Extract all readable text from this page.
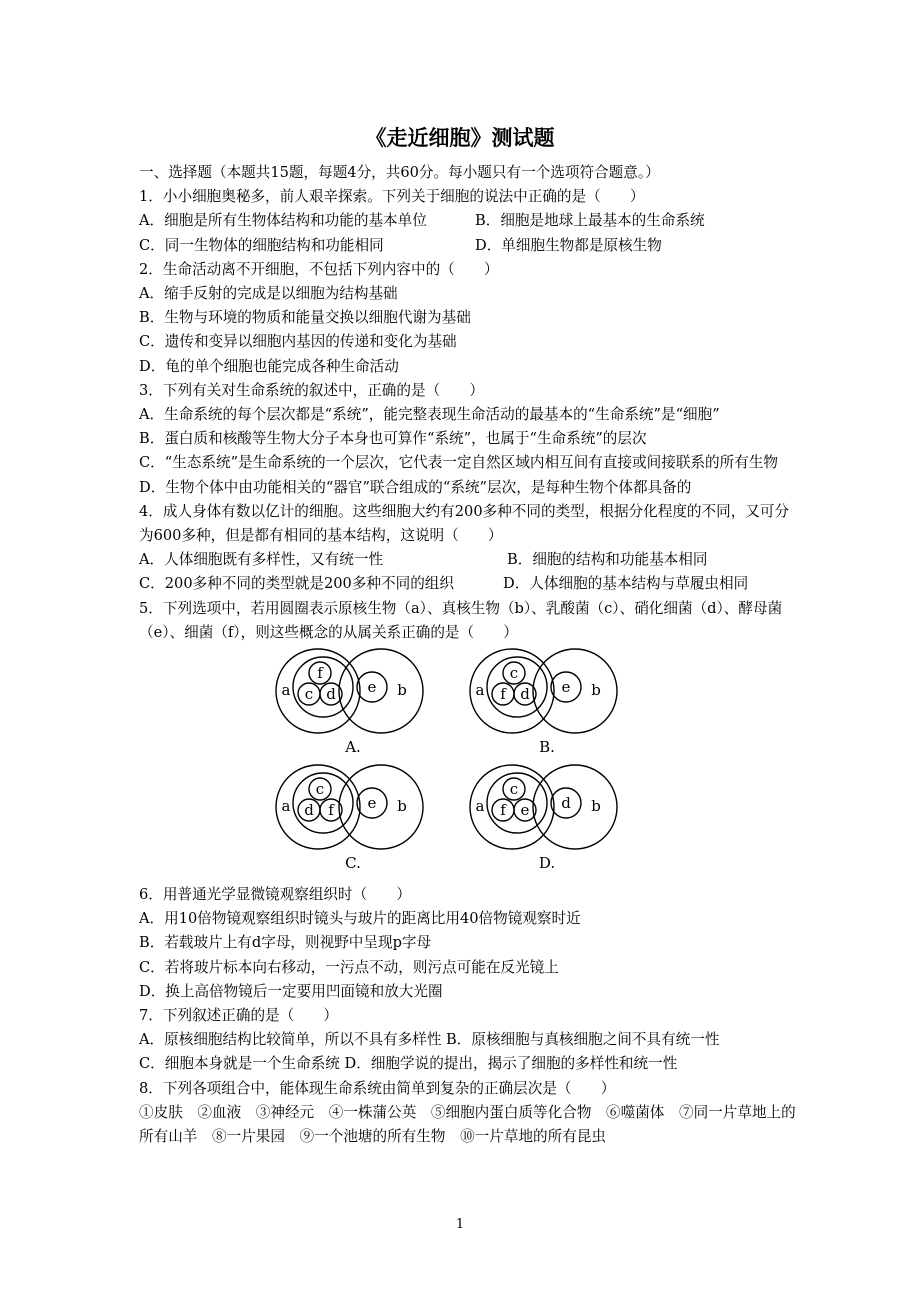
《走近细胞》测试题
一、选择题（本题共15题，每题4分，共60分。每小题只有一个选项符合题意。）
1．小小细胞奥秘多，前人艰辛探索。下列关于细胞的说法中正确的是（　　）
A．细胞是所有生物体结构和功能的基本单位	B．细胞是地球上最基本的生命系统
C．同一生物体的细胞结构和功能相同	D．单细胞生物都是原核生物
2．生命活动离不开细胞，不包括下列内容中的（　　）
A．缩手反射的完成是以细胞为结构基础
B．生物与环境的物质和能量交换以细胞代谢为基础
C．遗传和变异以细胞内基因的传递和变化为基础
D．龟的单个细胞也能完成各种生命活动
3．下列有关对生命系统的叙述中，正确的是（　　）
A．生命系统的每个层次都是“系统”，能完整表现生命活动的最基本的“生命系统”是“细胞”
B．蛋白质和核酸等生物大分子本身也可算作“系统”，也属于“生命系统”的层次
C．“生态系统”是生命系统的一个层次，它代表一定自然区域内相互间有直接或间接联系的所有生物
D．生物个体中由功能相关的“器官”联合组成的“系统”层次，是每种生物个体都具备的
4．成人身体有数以亿计的细胞。这些细胞大约有200多种不同的类型，根据分化程度的不同，又可分为600多种，但是都有相同的基本结构，这说明（　　）
A．人体细胞既有多样性，又有统一性	B．细胞的结构和功能基本相同
C．200多种不同的类型就是200多种不同的组织	D．人体细胞的基本结构与草履虫相同
5．下列选项中，若用圆圈表示原核生物（a）、真核生物（b）、乳酸菌（c）、硝化细菌（d）、酵母菌（e）、细菌（f），则这些概念的从属关系正确的是（　　）
f
c d e
a	b
A.
c
f d e
a	b
B.
c
d f e
a	b
C.
c
f e d
a	b
D.
6．用普通光学显微镜观察组织时（　　）
A．用10倍物镜观察组织时镜头与玻片的距离比用40倍物镜观察时近
B．若载玻片上有d字母，则视野中呈现p字母
C．若将玻片标本向右移动，一污点不动，则污点可能在反光镜上
D．换上高倍物镜后一定要用凹面镜和放大光圈
7．下列叙述正确的是（　　）
A．原核细胞结构比较简单，所以不具有多样性 B．原核细胞与真核细胞之间不具有统一性
C．细胞本身就是一个生命系统 D．细胞学说的提出，揭示了细胞的多样性和统一性
8．下列各项组合中，能体现生命系统由简单到复杂的正确层次是（　　）
①皮肤　②血液　③神经元　④一株蒲公英　⑤细胞内蛋白质等化合物　⑥噬菌体　⑦同一片草地上的所有山羊　⑧一片果园　⑨一个池塘的所有生物　⑩一片草地的所有昆虫
1
